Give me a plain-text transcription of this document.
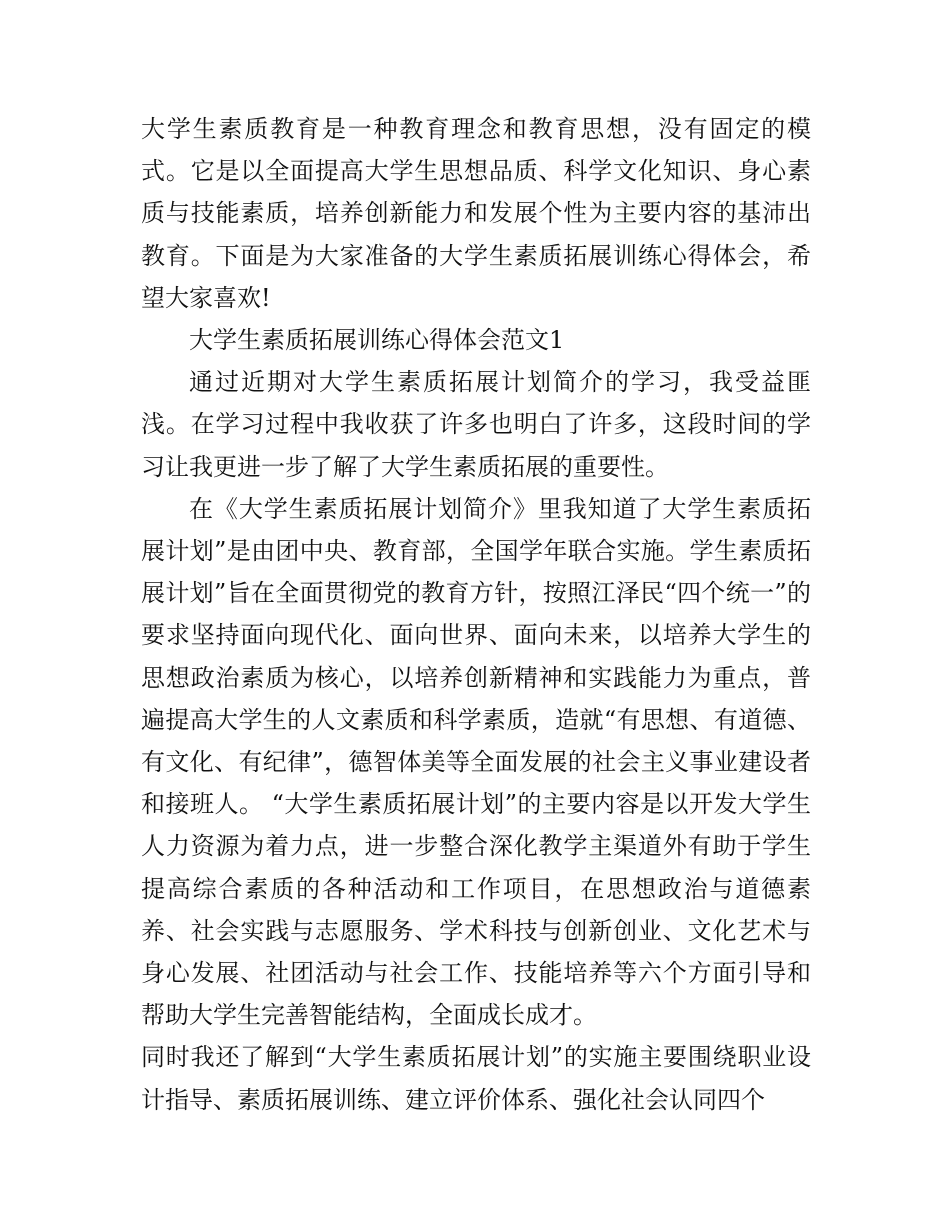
大学生素质教育是一种教育理念和教育思想，没有固定的模式。它是以全面提高大学生思想品质、科学文化知识、身心素质与技能素质，培养创新能力和发展个性为主要内容的基沛出教育。下面是为大家准备的大学生素质拓展训练心得体会，希望大家喜欢!

大学生素质拓展训练心得体会范文1

通过近期对大学生素质拓展计划简介的学习，我受益匪浅。在学习过程中我收获了许多也明白了许多，这段时间的学习让我更进一步了解了大学生素质拓展的重要性。

在《大学生素质拓展计划简介》里我知道了大学生素质拓展计划”是由团中央、教育部，全国学年联合实施。学生素质拓展计划”旨在全面贯彻党的教育方针，按照江泽民“四个统一”的要求坚持面向现代化、面向世界、面向未来，以培养大学生的思想政治素质为核心，以培养创新精神和实践能力为重点，普遍提高大学生的人文素质和科学素质，造就“有思想、有道德、有文化、有纪律”，德智体美等全面发展的社会主义事业建设者和接班人。 “大学生素质拓展计划”的主要内容是以开发大学生人力资源为着力点，进一步整合深化教学主渠道外有助于学生提高综合素质的各种活动和工作项目，在思想政治与道德素养、社会实践与志愿服务、学术科技与创新创业、文化艺术与身心发展、社团活动与社会工作、技能培养等六个方面引导和帮助大学生完善智能结构，全面成长成才。

同时我还了解到“大学生素质拓展计划”的实施主要围绕职业设计指导、素质拓展训练、建立评价体系、强化社会认同四个
